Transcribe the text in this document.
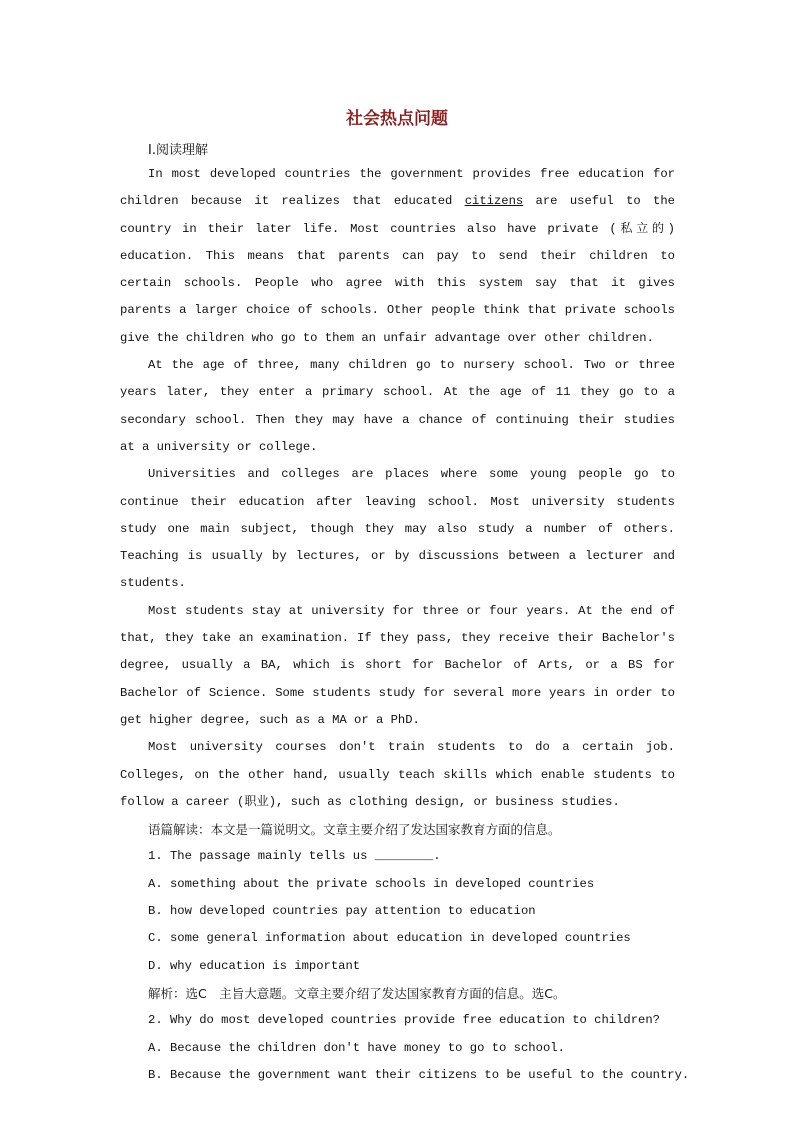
社会热点问题
Ⅰ.阅读理解

In most developed countries the government provides free education for children because it realizes that educated citizens are useful to the country in their later life. Most countries also have private (私立的) education. This means that parents can pay to send their children to certain schools. People who agree with this system say that it gives parents a larger choice of schools. Other people think that private schools give the children who go to them an unfair advantage over other children.

At the age of three, many children go to nursery school. Two or three years later, they enter a primary school. At the age of 11 they go to a secondary school. Then they may have a chance of continuing their studies at a university or college.

Universities and colleges are places where some young people go to continue their education after leaving school. Most university students study one main subject, though they may also study a number of others. Teaching is usually by lectures, or by discussions between a lecturer and students.

Most students stay at university for three or four years. At the end of that, they take an examination. If they pass, they receive their Bachelor's degree, usually a BA, which is short for Bachelor of Arts, or a BS for Bachelor of Science. Some students study for several more years in order to get higher degree, such as a MA or a PhD.

Most university courses don't train students to do a certain job. Colleges, on the other hand, usually teach skills which enable students to follow a career (职业), such as clothing design, or business studies.

语篇解读：本文是一篇说明文。文章主要介绍了发达国家教育方面的信息。

1. The passage mainly tells us ________.

A. something about the private schools in developed countries

B. how developed countries pay attention to education

C. some general information about education in developed countries

D. why education is important

解析：选C　主旨大意题。文章主要介绍了发达国家教育方面的信息。选C。

2. Why do most developed countries provide free education to children?

A. Because the children don't have money to go to school.

B. Because the government want their citizens to be useful to the country.
